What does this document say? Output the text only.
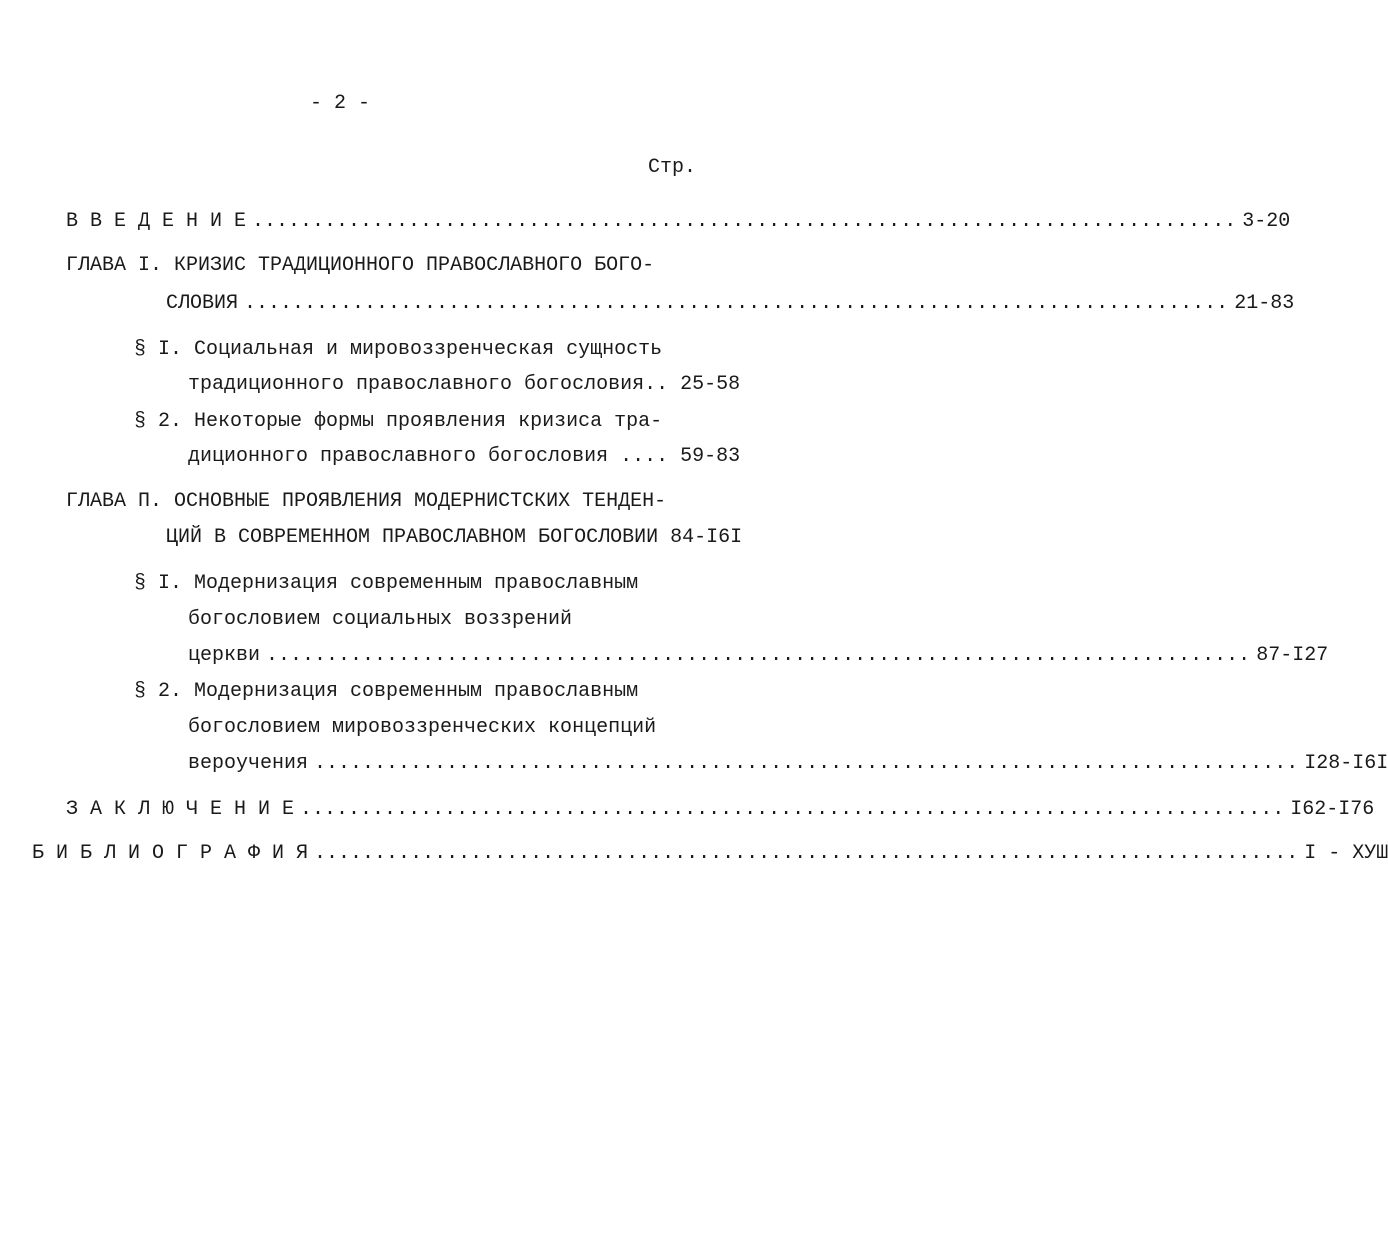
- 2 -
Стр.
В В Е Д Е Н И Е .................................................................................. 3-20
ГЛАВА I. КРИЗИС ТРАДИЦИОННОГО ПРАВОСЛАВНОГО БОГО-
СЛОВИЯ .................................................................................. 21-83
§ I. Социальная и мировоззренческая сущность
традиционного православного богословия.. 25-58
§ 2. Некоторые формы проявления кризиса тра-
диционного православного богословия .... 59-83
ГЛАВА П. ОСНОВНЫЕ ПРОЯВЛЕНИЯ МОДЕРНИСТСКИХ ТЕНДЕН-
ЦИЙ В СОВРЕМЕННОМ ПРАВОСЛАВНОМ БОГОСЛОВИИ 84-I6I
§ I. Модернизация современным православным
богословием социальных воззрений
церкви .................................................................................. 87-I27
§ 2. Модернизация современным православным
богословием мировоззренческих концепций
вероучения .................................................................................. I28-I6I
З А К Л Ю Ч Е Н И Е .................................................................................. I62-I76
Б И Б Л И О Г Р А Ф И Я .................................................................................. I - ХУШ
